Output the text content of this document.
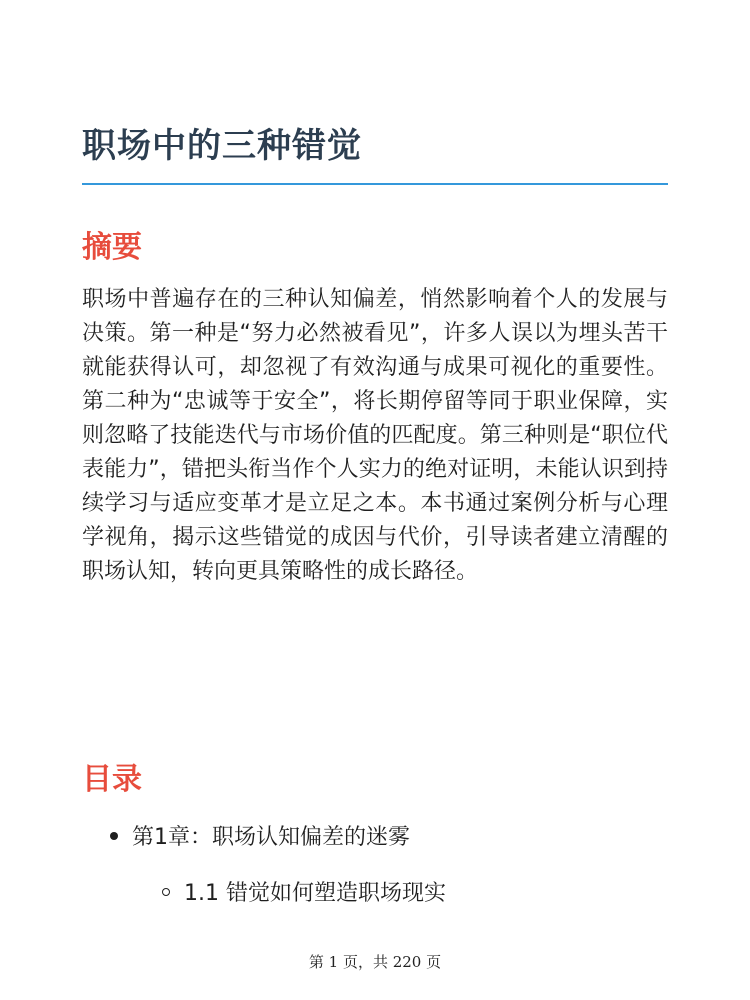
职场中的三种错觉
摘要

职场中普遍存在的三种认知偏差，悄然影响着个人的发展与决策。第一种是“努力必然被看见”，许多人误以为埋头苦干就能获得认可，却忽视了有效沟通与成果可视化的重要性。第二种为“忠诚等于安全”，将长期停留等同于职业保障，实则忽略了技能迭代与市场价值的匹配度。第三种则是“职位代表能力”，错把头衔当作个人实力的绝对证明，未能认识到持续学习与适应变革才是立足之本。本书通过案例分析与心理学视角，揭示这些错觉的成因与代价，引导读者建立清醒的职场认知，转向更具策略性的成长路径。

目录
第1章：职场认知偏差的迷雾
1.1 错觉如何塑造职场现实
第 1 页，共 220 页
